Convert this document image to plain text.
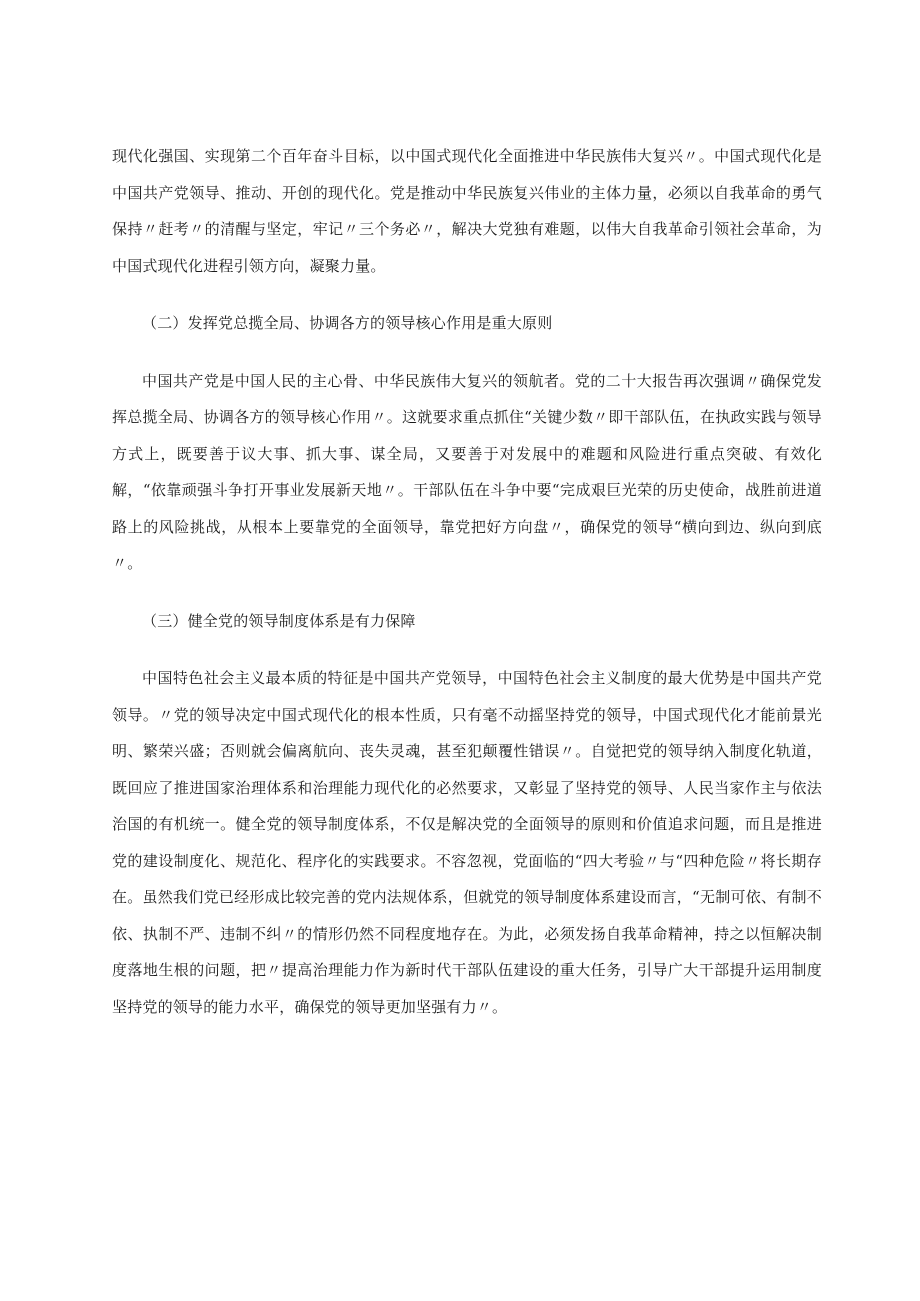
现代化强国、实现第二个百年奋斗目标，以中国式现代化全面推进中华民族伟大复兴〃。中国式现代化是中国共产党领导、推动、开创的现代化。党是推动中华民族复兴伟业的主体力量，必须以自我革命的勇气保持〃赶考〃的清醒与坚定，牢记〃三个务必〃，解决大党独有难题，以伟大自我革命引领社会革命，为中国式现代化进程引领方向，凝聚力量。

（二）发挥党总揽全局、协调各方的领导核心作用是重大原则

中国共产党是中国人民的主心骨、中华民族伟大复兴的领航者。党的二十大报告再次强调〃确保党发挥总揽全局、协调各方的领导核心作用〃。这就要求重点抓住“关键少数〃即干部队伍，在执政实践与领导方式上，既要善于议大事、抓大事、谋全局，又要善于对发展中的难题和风险进行重点突破、有效化解，“依靠顽强斗争打开事业发展新天地〃。干部队伍在斗争中要“完成艰巨光荣的历史使命，战胜前进道路上的风险挑战，从根本上要靠党的全面领导，靠党把好方向盘〃，确保党的领导“横向到边、纵向到底〃。

（三）健全党的领导制度体系是有力保障

中国特色社会主义最本质的特征是中国共产党领导，中国特色社会主义制度的最大优势是中国共产党领导。〃党的领导决定中国式现代化的根本性质，只有毫不动摇坚持党的领导，中国式现代化才能前景光明、繁荣兴盛；否则就会偏离航向、丧失灵魂，甚至犯颠覆性错误〃。自觉把党的领导纳入制度化轨道，既回应了推进国家治理体系和治理能力现代化的必然要求，又彰显了坚持党的领导、人民当家作主与依法治国的有机统一。健全党的领导制度体系，不仅是解决党的全面领导的原则和价值追求问题，而且是推进党的建设制度化、规范化、程序化的实践要求。不容忽视，党面临的“四大考验〃与“四种危险〃将长期存在。虽然我们党已经形成比较完善的党内法规体系，但就党的领导制度体系建设而言，“无制可依、有制不依、执制不严、违制不纠〃的情形仍然不同程度地存在。为此，必须发扬自我革命精神，持之以恒解决制度落地生根的问题，把〃提高治理能力作为新时代干部队伍建设的重大任务，引导广大干部提升运用制度坚持党的领导的能力水平，确保党的领导更加坚强有力〃。
